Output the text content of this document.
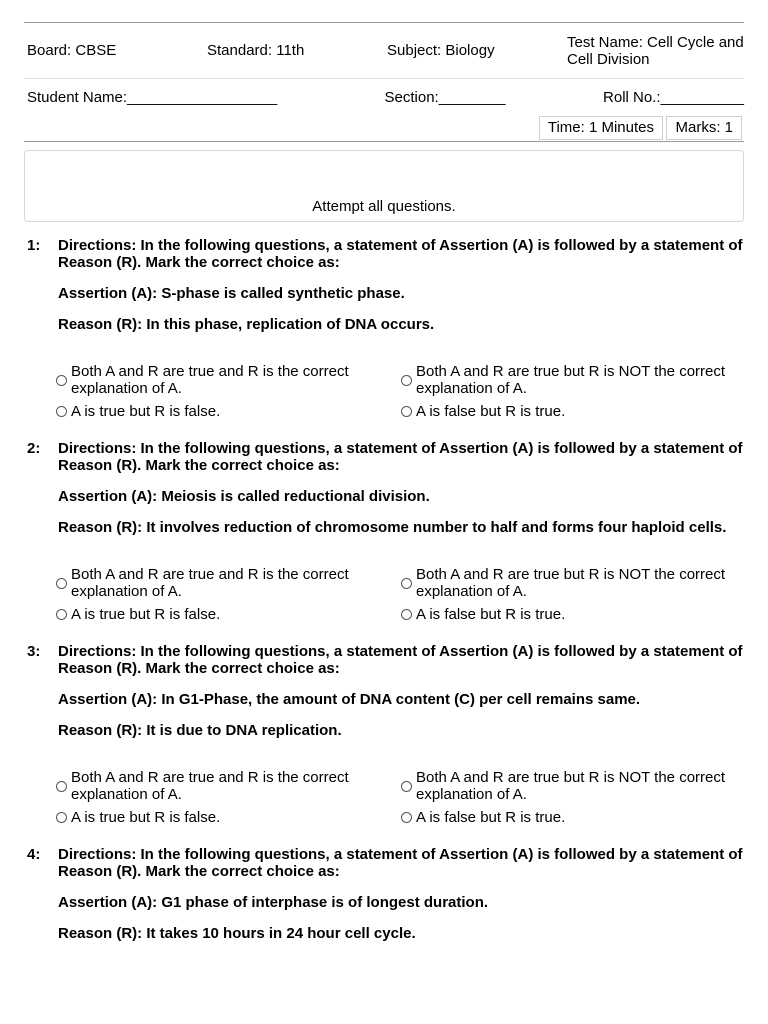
Board: CBSE	Standard: 11th	Subject: Biology	Test Name: Cell Cycle and Cell Division
Student Name:__________________	Section:________	Roll No.:__________
Time: 1 Minutes	Marks: 1
Attempt all questions.
1: Directions: In the following questions, a statement of Assertion (A) is followed by a statement of Reason (R). Mark the correct choice as:
Assertion (A): S-phase is called synthetic phase.
Reason (R): In this phase, replication of DNA occurs.
Both A and R are true and R is the correct explanation of A.
Both A and R are true but R is NOT the correct explanation of A.
A is true but R is false.	A is false but R is true.
2: Directions: In the following questions, a statement of Assertion (A) is followed by a statement of Reason (R). Mark the correct choice as:
Assertion (A): Meiosis is called reductional division.
Reason (R): It involves reduction of chromosome number to half and forms four haploid cells.
Both A and R are true and R is the correct explanation of A.
Both A and R are true but R is NOT the correct explanation of A.
A is true but R is false.	A is false but R is true.
3: Directions: In the following questions, a statement of Assertion (A) is followed by a statement of Reason (R). Mark the correct choice as:
Assertion (A): In G1-Phase, the amount of DNA content (C) per cell remains same.
Reason (R): It is due to DNA replication.
Both A and R are true and R is the correct explanation of A.
Both A and R are true but R is NOT the correct explanation of A.
A is true but R is false.	A is false but R is true.
4: Directions: In the following questions, a statement of Assertion (A) is followed by a statement of Reason (R). Mark the correct choice as:
Assertion (A): G1 phase of interphase is of longest duration.
Reason (R): It takes 10 hours in 24 hour cell cycle.
